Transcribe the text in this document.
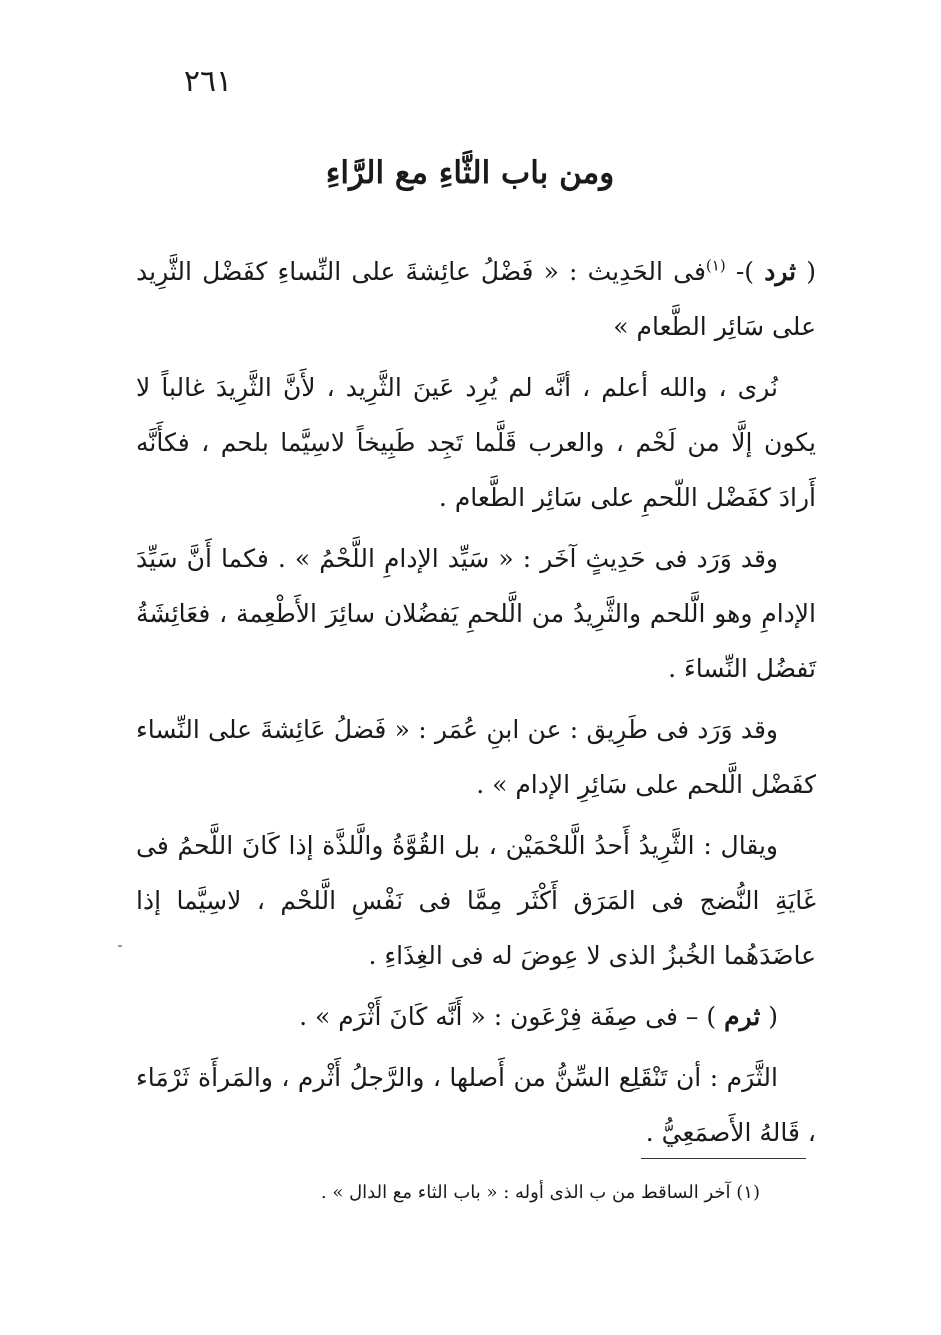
٢٦١
ومن باب الثَّاءِ مع الرَّاءِ

( ثرد )- $^{(١)}$فى الحَدِيث : « فَضْلُ عائِشةَ على النِّساءِ كفَضْل الثَّرِيد على سَائِر الطَّعام »

نُرى ، والله أعلم ، أنَّه لم يُرِد عَينَ الثَّرِيد ، لأَنَّ الثَّرِيدَ غالباً لا يكون إلَّا من لَحْم ، والعرب قَلَّما تَجِد طَبِيخاً لاسِيَّما بلحم ، فكأَنَّه أَرادَ كفَضْل اللّحمِ على سَائِر الطَّعام .

وقد وَرَد فى حَدِيثٍ آخَر : « سَيِّد الإدامِ اللَّحْمُ » . فكما أَنَّ سَيِّدَ الإدامِ وهو الَّلحم والثَّرِيدُ من الَّلحمِ يَفضُلان سائِرَ الأَطْعِمة ، فعَائِشَةُ تَفضُل النِّساءَ .

وقد وَرَد فى طَرِيق : عن ابنِ عُمَر : « فَضلُ عَائِشةَ على النِّساء كفَضْل الَّلحم على سَائِرِ الإدام » .

ويقال : الثَّرِيدُ أَحدُ الَّلحْمَيْن ، بل القُوَّةُ والَّلذَّة إذا كَانَ اللَّحمُ فى غَايَةِ النُّضج فى المَرَق أَكْثَر مِمَّا فى نَفْسِ الَّلحْم ، لاسِيَّما إذا عاضَدَهُما الخُبزُ الذى لا عِوضَ له فى الغِذَاءِ .

( ثرم ) – فى صِفَة فِرْعَون : « أَنَّه كَانَ أَثْرَم » .

الثَّرَم : أن تَنْقَلِع السِّنُّ من أَصلها ، والرَّجلُ أَثْرم ، والمَرأَة ثَرْمَاء ، قَالهُ الأَصمَعِيُّ .

(١) آخر الساقط من ب الذى أوله : « باب الثاء مع الدال » .
